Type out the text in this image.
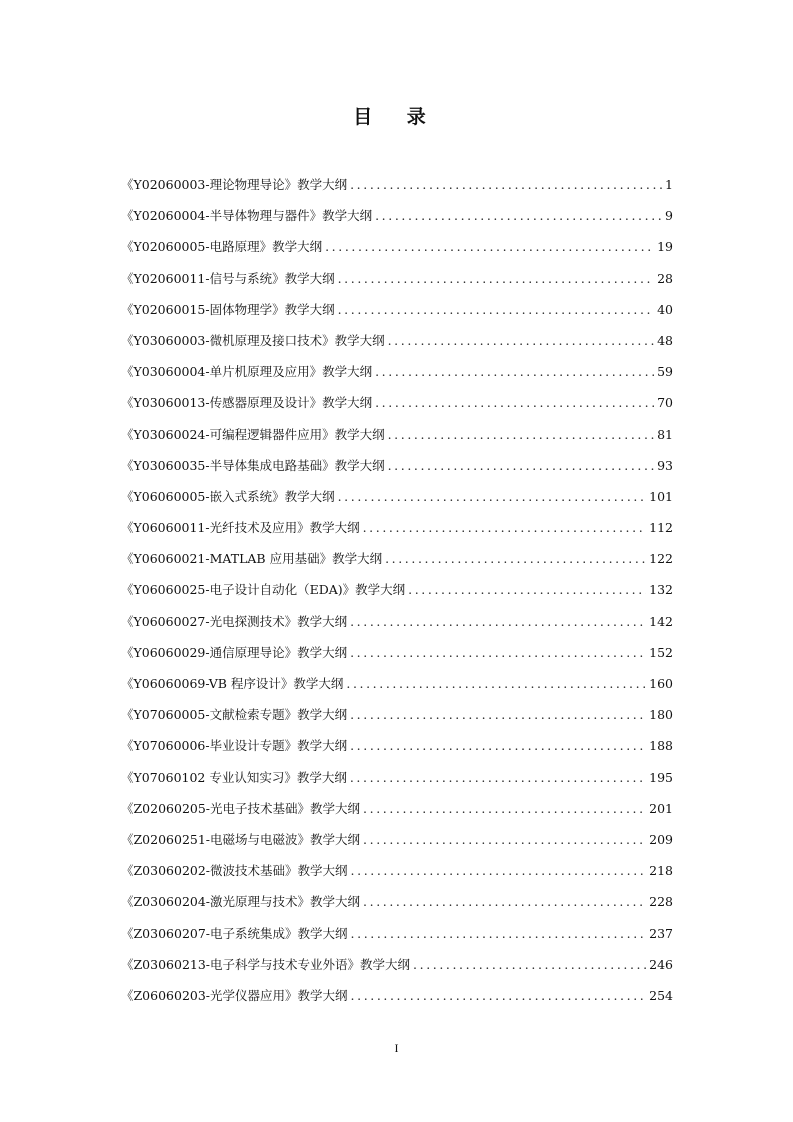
目 录
《Y02060003-理论物理导论》教学大纲 .....	1
《Y02060004-半导体物理与器件》教学大纲 .....	9
《Y02060005-电路原理》教学大纲 .....	19
《Y02060011-信号与系统》教学大纲 .....	28
《Y02060015-固体物理学》教学大纲 .....	40
《Y03060003-微机原理及接口技术》教学大纲 .....	48
《Y03060004-单片机原理及应用》教学大纲 .....	59
《Y03060013-传感器原理及设计》教学大纲 .....	70
《Y03060024-可编程逻辑器件应用》教学大纲 .....	81
《Y03060035-半导体集成电路基础》教学大纲 .....	93
《Y06060005-嵌入式系统》教学大纲 .....	101
《Y06060011-光纤技术及应用》教学大纲 .....	112
《Y06060021-MATLAB 应用基础》教学大纲 .....	122
《Y06060025-电子设计自动化（EDA)》教学大纲 .....	132
《Y06060027-光电探测技术》教学大纲 .....	142
《Y06060029-通信原理导论》教学大纲 .....	152
《Y06060069-VB 程序设计》教学大纲 .....	160
《Y07060005-文献检索专题》教学大纲 .....	180
《Y07060006-毕业设计专题》教学大纲 .....	188
《Y07060102 专业认知实习》教学大纲 .....	195
《Z02060205-光电子技术基础》教学大纲 .....	201
《Z02060251-电磁场与电磁波》教学大纲 .....	209
《Z03060202-微波技术基础》教学大纲 .....	218
《Z03060204-激光原理与技术》教学大纲 .....	228
《Z03060207-电子系统集成》教学大纲 .....	237
《Z03060213-电子科学与技术专业外语》教学大纲 .....	246
《Z06060203-光学仪器应用》教学大纲 .....	254
I
